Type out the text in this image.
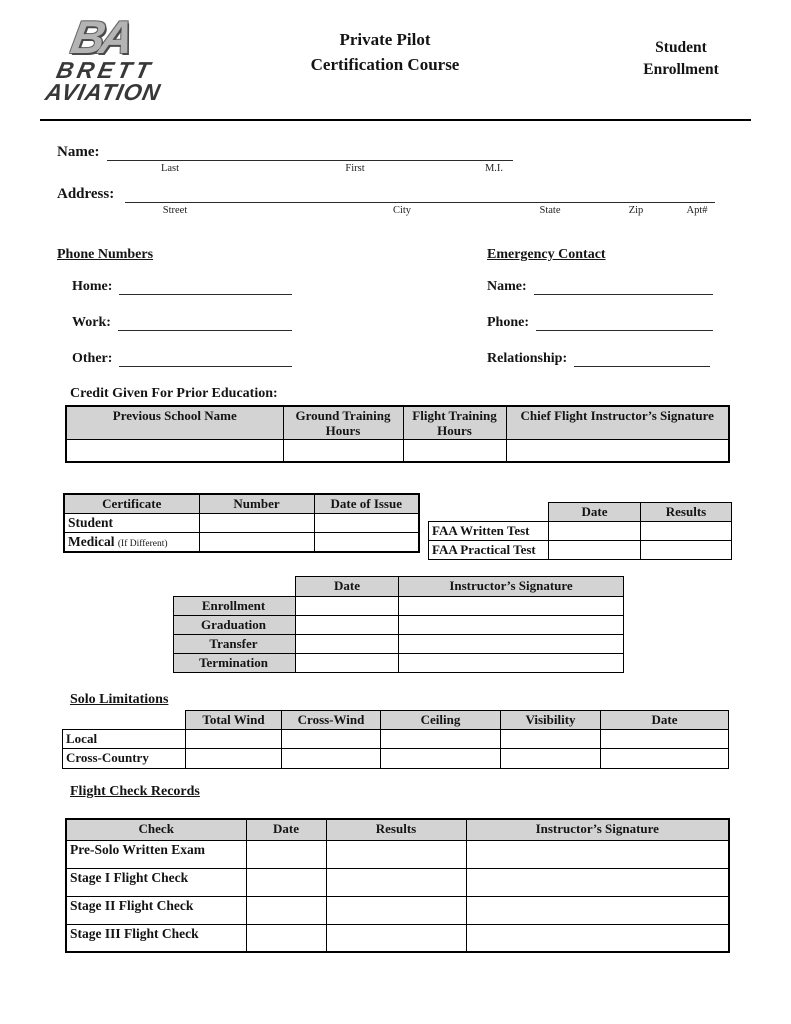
BA
BRETT
AVIATION
Private Pilot
Certification Course
Student
Enrollment
Name:
Last	First	M.I.
Address:
Street	City	State	Zip	Apt#
Phone Numbers
Home:
Work:
Other:
Emergency Contact
Name:
Phone:
Relationship:
Credit Given For Prior Education:
Previous School Name	Ground Training Hours	Flight Training Hours	Chief Flight Instructor’s Signature

Certificate	Number	Date of Issue
Student		
Medical (If Different)		
	Date	Results
FAA Written Test		
FAA Practical Test		
	Date	Instructor’s Signature
Enrollment		
Graduation		
Transfer		
Termination		
Solo Limitations
	Total Wind	Cross-Wind	Ceiling	Visibility	Date
Local					
Cross-Country					
Flight Check Records
Check	Date	Results	Instructor’s Signature
Pre-Solo Written Exam			
Stage I Flight Check			
Stage II Flight Check			
Stage III Flight Check			
